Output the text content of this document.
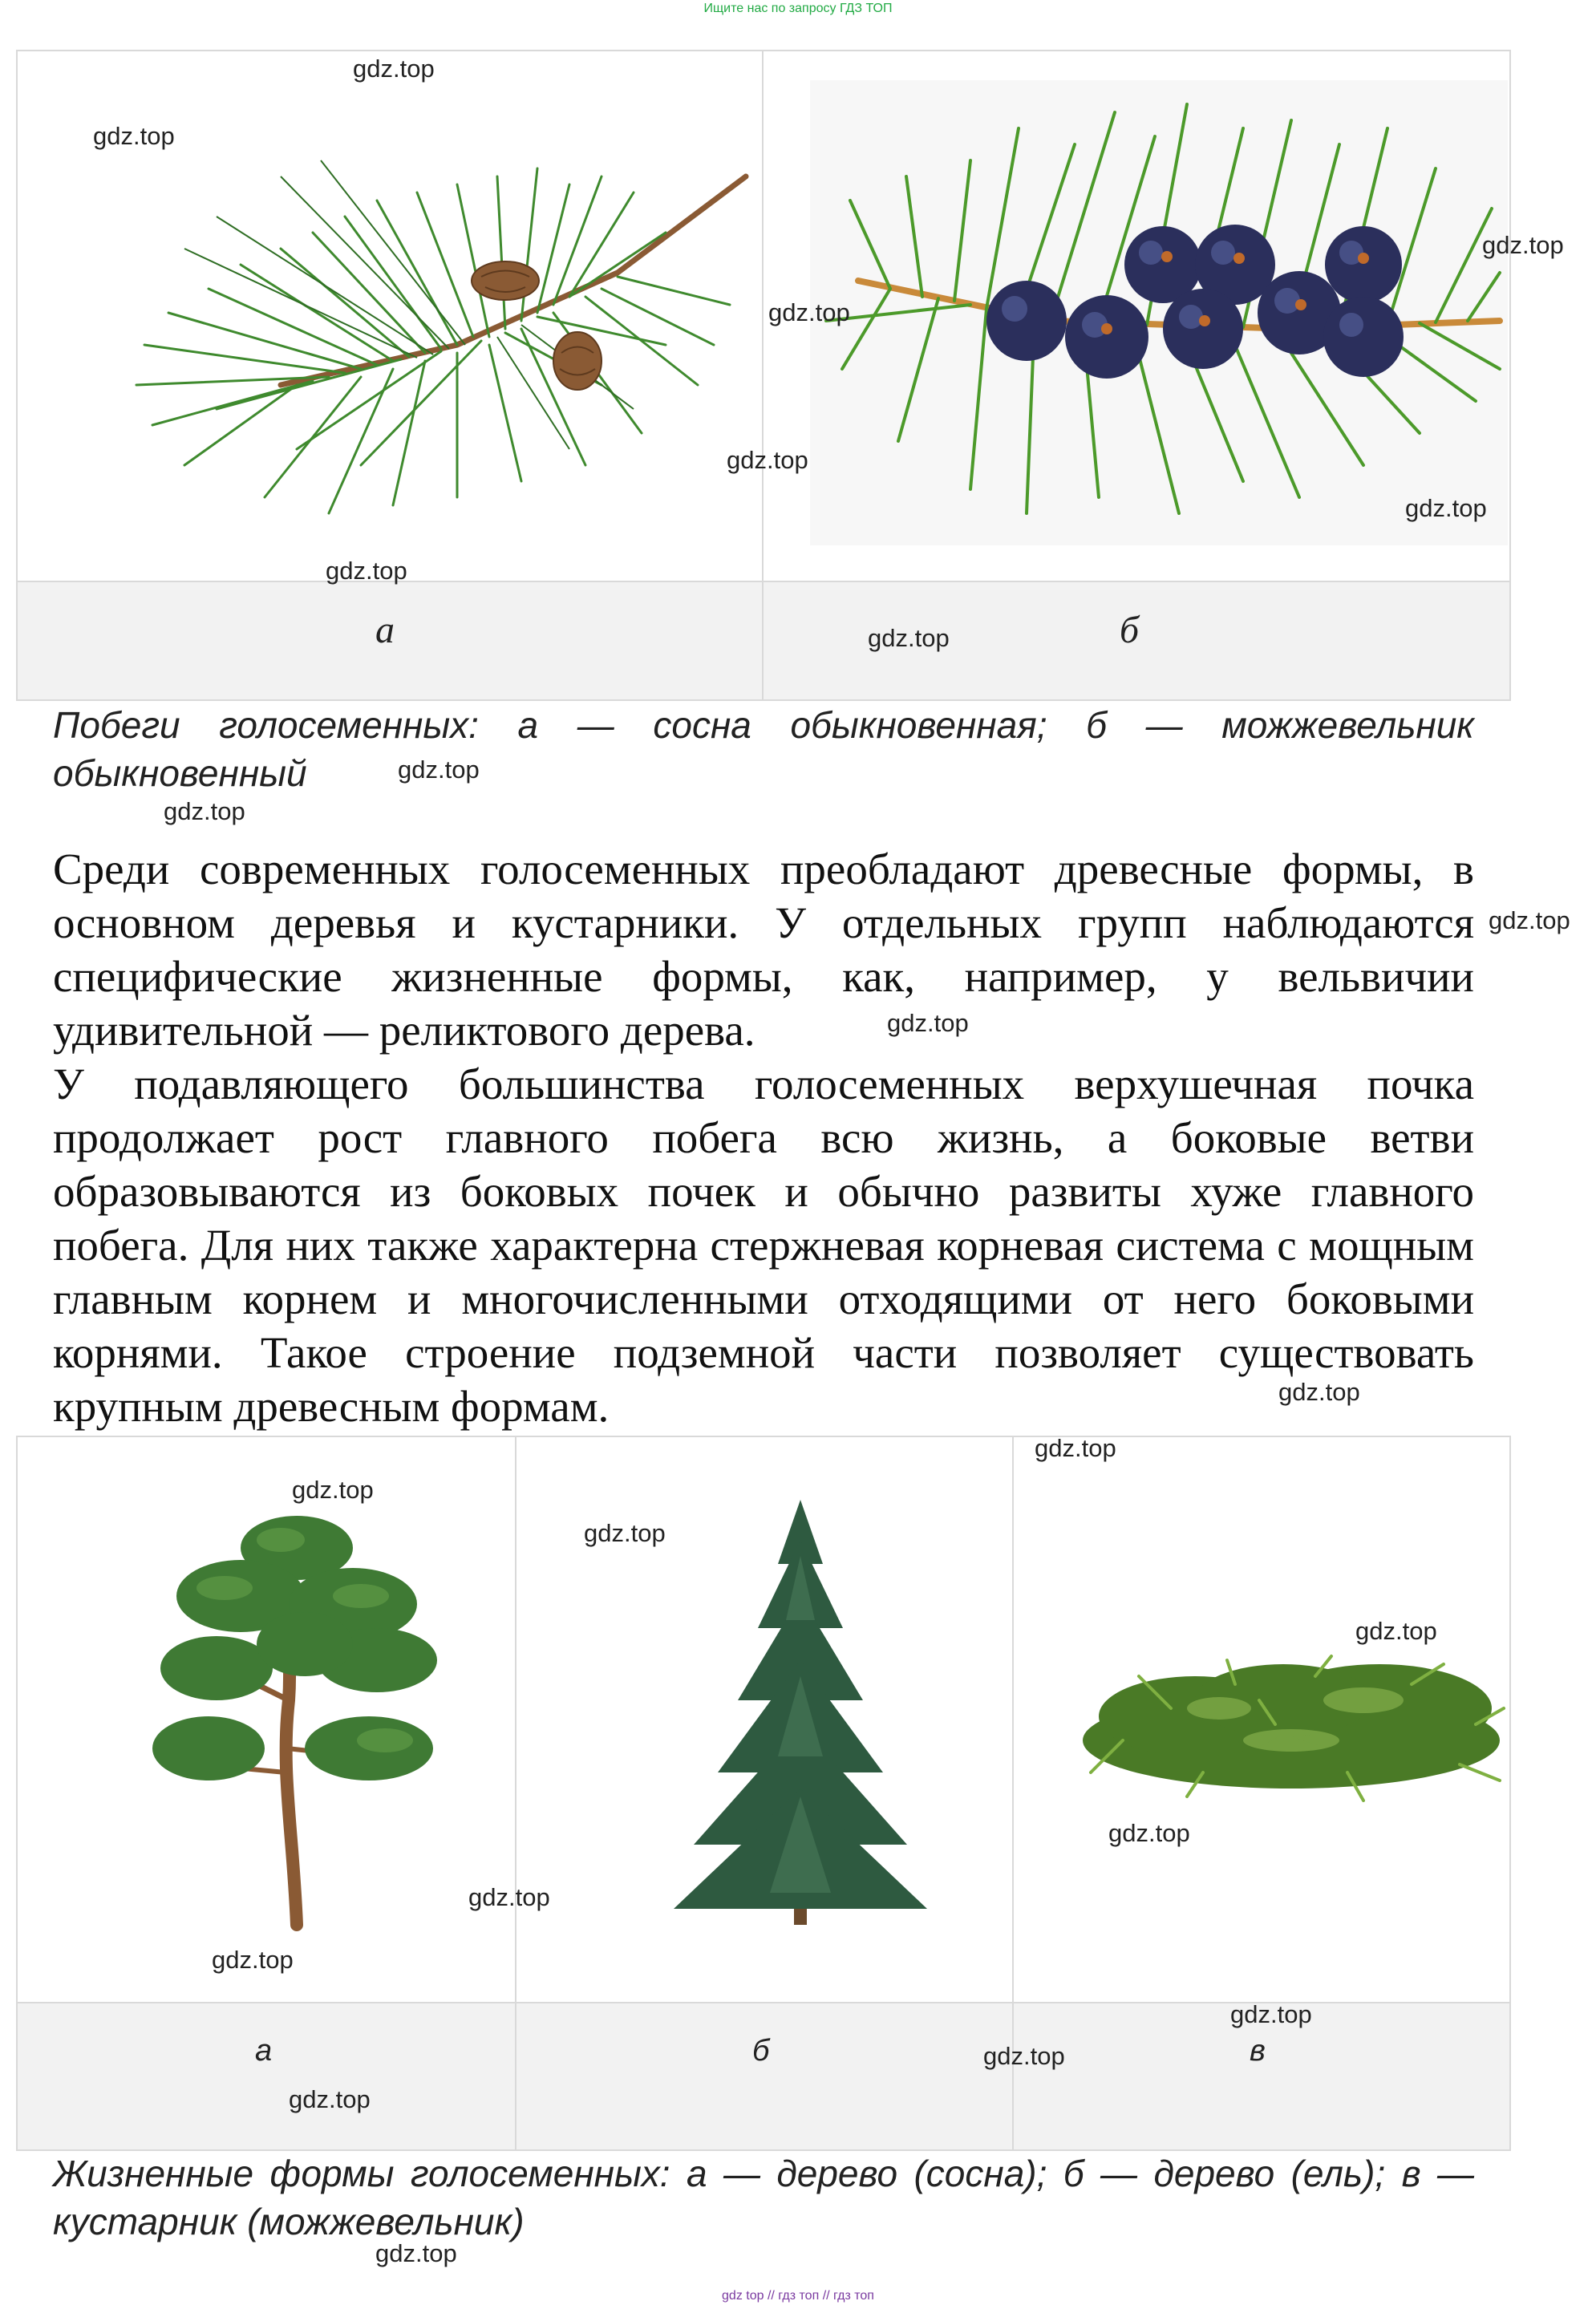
Ищите нас по запросу ГДЗ ТОП
а	б
Побеги голосеменных: а — сосна обыкновенная; б — можжевельник обыкновенный
Среди современных голосеменных преобладают древесные формы, в основном деревья и кустарники. У отдельных групп наблюдаются специфические жизненные формы, как, например, у вельвичии удивительной — реликтового дерева.
У подавляющего большинства голосеменных верхушечная почка продолжает рост главного побега всю жизнь, а боковые ветви образовываются из боковых почек и обычно развиты хуже главного побега. Для них также характерна стержневая корневая система с мощным главным корнем и многочисленными отходящими от него боковыми корнями. Такое строение подземной части позволяет существовать крупным древесным формам.
а	б	в
Жизненные формы голосеменных: а — дерево (сосна); б — дерево (ель); в — кустарник (можжевельник)
gdz.top
gdz.top
gdz.top
gdz.top
gdz.top
gdz.top
gdz.top
gdz.top
gdz.top
gdz.top
gdz.top
gdz.top
gdz.top
gdz.top
gdz.top
gdz.top
gdz.top
gdz.top
gdz.top
gdz.top
gdz.top
gdz.top
gdz.top
gdz.top
gdz top // гдз топ // гдз топ
